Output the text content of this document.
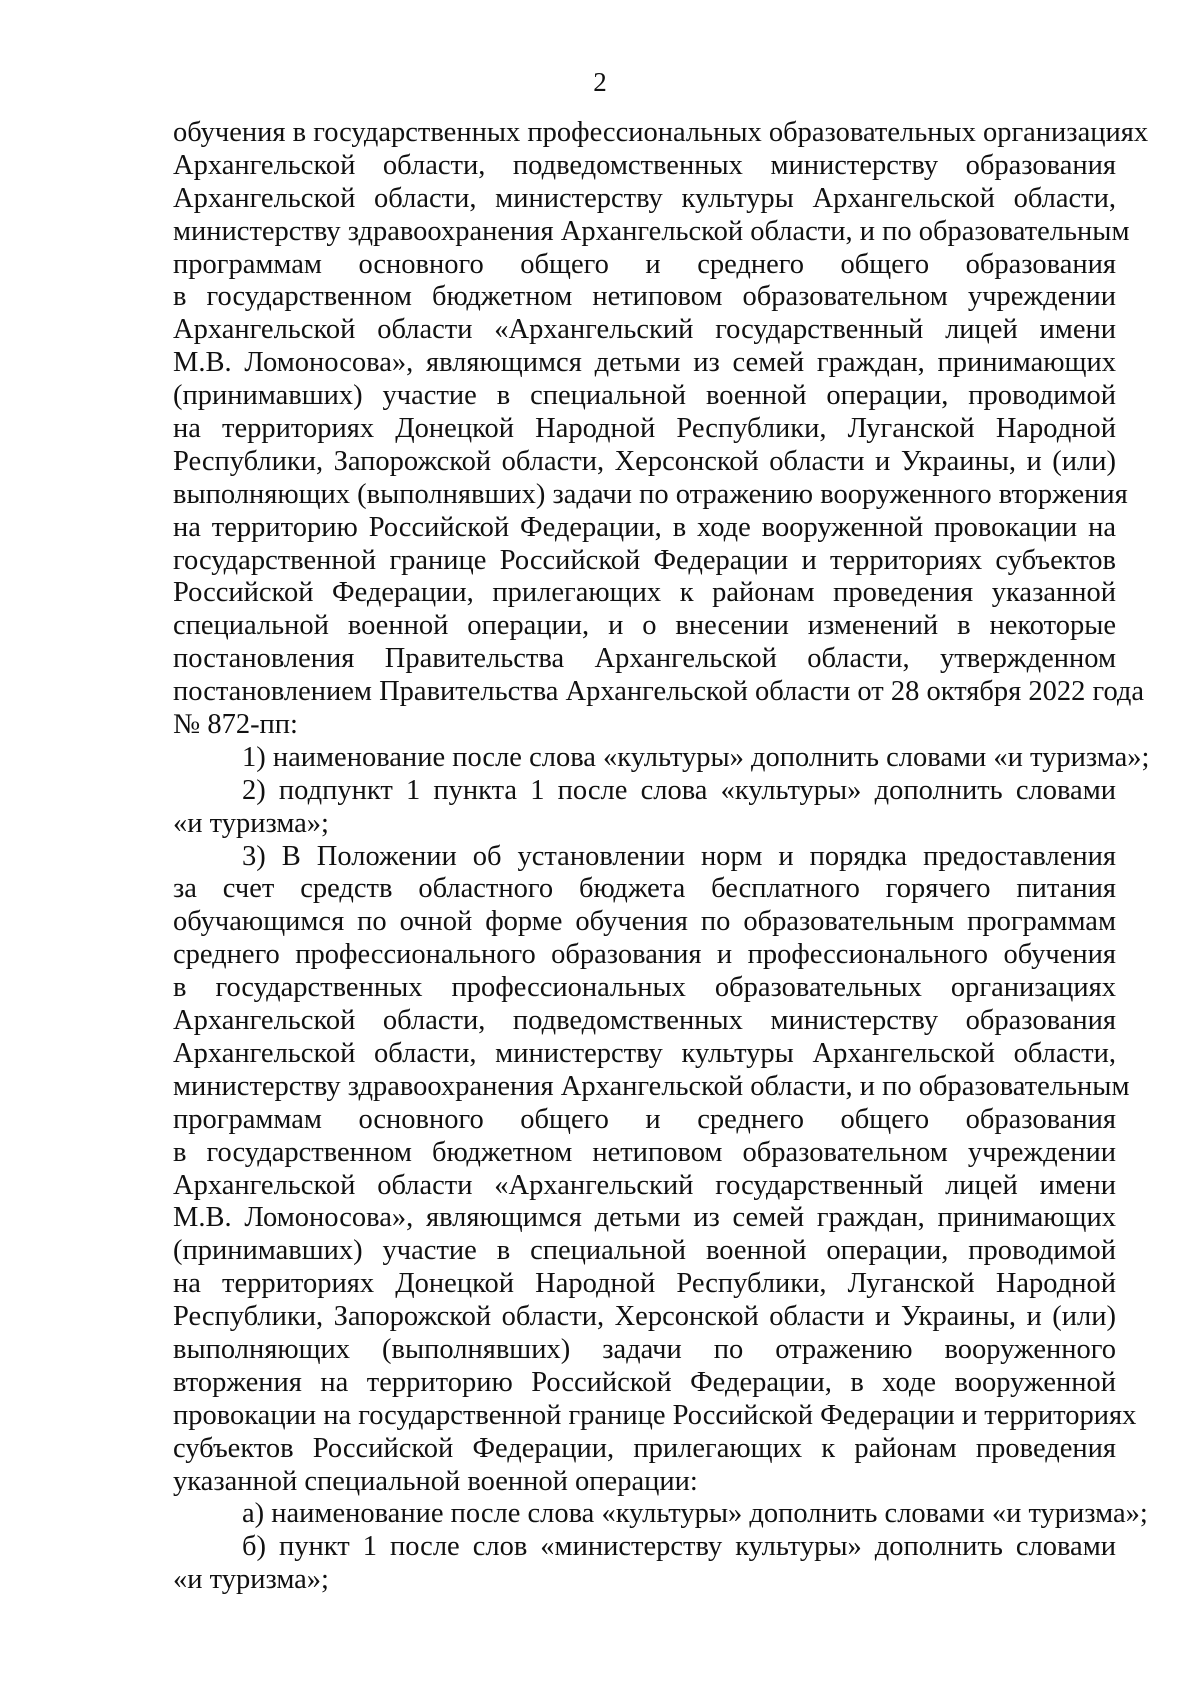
2
обучения в государственных профессиональных образовательных организациях
Архангельской области, подведомственных министерству образования
Архангельской области, министерству культуры Архангельской области,
министерству здравоохранения Архангельской области, и по образовательным
программам основного общего и среднего общего образования
в государственном бюджетном нетиповом образовательном учреждении
Архангельской области «Архангельский государственный лицей имени
М.В. Ломоносова», являющимся детьми из семей граждан, принимающих
(принимавших) участие в специальной военной операции, проводимой
на территориях Донецкой Народной Республики, Луганской Народной
Республики, Запорожской области, Херсонской области и Украины, и (или)
выполняющих (выполнявших) задачи по отражению вооруженного вторжения
на территорию Российской Федерации, в ходе вооруженной провокации на
государственной границе Российской Федерации и территориях субъектов
Российской Федерации, прилегающих к районам проведения указанной
специальной военной операции, и о внесении изменений в некоторые
постановления Правительства Архангельской области, утвержденном
постановлением Правительства Архангельской области от 28 октября 2022 года
№ 872-пп:
1) наименование после слова «культуры» дополнить словами «и туризма»;
2) подпункт 1 пункта 1 после слова «культуры» дополнить словами
«и туризма»;
3) В Положении об установлении норм и порядка предоставления
за счет средств областного бюджета бесплатного горячего питания
обучающимся по очной форме обучения по образовательным программам
среднего профессионального образования и профессионального обучения
в государственных профессиональных образовательных организациях
Архангельской области, подведомственных министерству образования
Архангельской области, министерству культуры Архангельской области,
министерству здравоохранения Архангельской области, и по образовательным
программам основного общего и среднего общего образования
в государственном бюджетном нетиповом образовательном учреждении
Архангельской области «Архангельский государственный лицей имени
М.В. Ломоносова», являющимся детьми из семей граждан, принимающих
(принимавших) участие в специальной военной операции, проводимой
на территориях Донецкой Народной Республики, Луганской Народной
Республики, Запорожской области, Херсонской области и Украины, и (или)
выполняющих (выполнявших) задачи по отражению вооруженного
вторжения на территорию Российской Федерации, в ходе вооруженной
провокации на государственной границе Российской Федерации и территориях
субъектов Российской Федерации, прилегающих к районам проведения
указанной специальной военной операции:
а) наименование после слова «культуры» дополнить словами «и туризма»;
б) пункт 1 после слов «министерству культуры» дополнить словами
«и туризма»;
